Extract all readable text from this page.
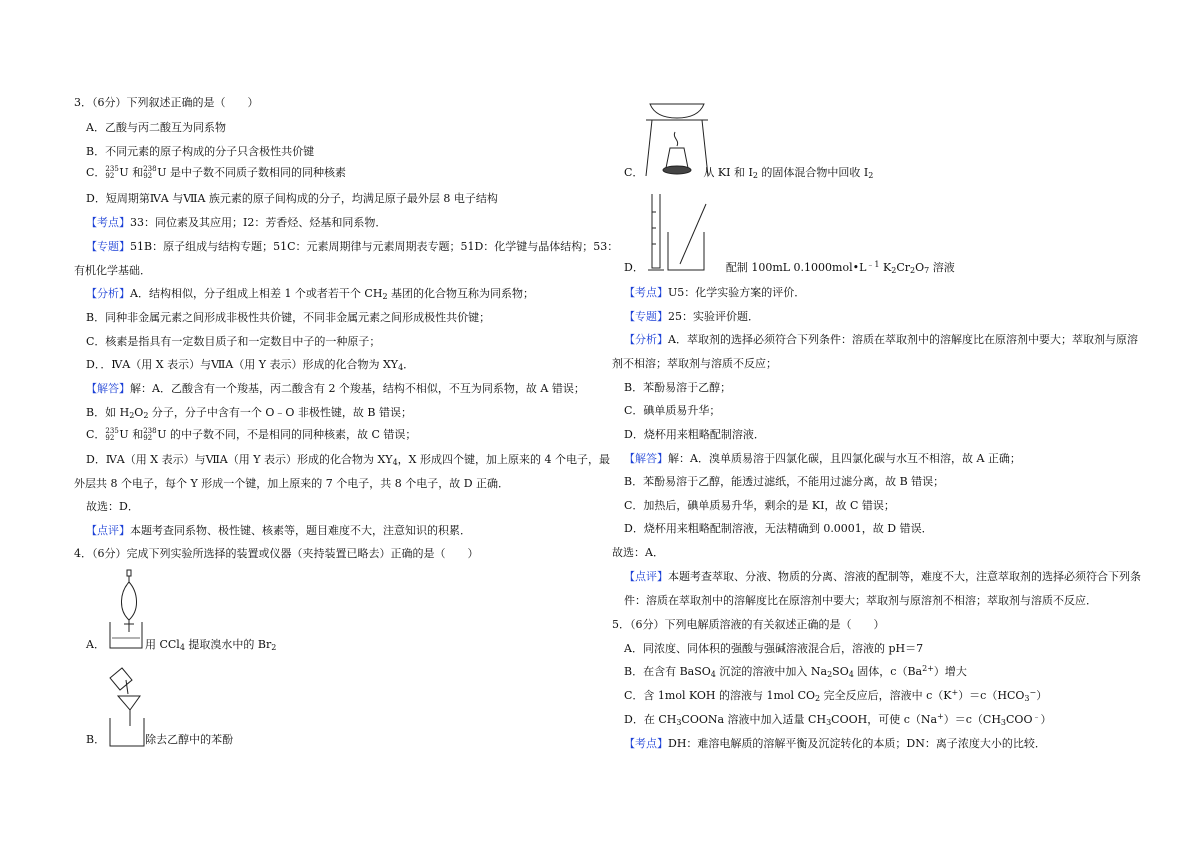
3．（6分）下列叙述正确的是（　　）
A．乙酸与丙二酸互为同系物
B．不同元素的原子构成的分子只含极性共价键
C． 235
92 U 和 238
92 U 是中子数不同质子数相同的同种核素
D．短周期第ⅣA 与ⅦA 族元素的原子间构成的分子，均满足原子最外层 8 电子结构
【考点】33：同位素及其应用；I2：芳香烃、烃基和同系物．
【专题】51B：原子组成与结构专题；51C：元素周期律与元素周期表专题；51D：化学键与晶体结构；53：
有机化学基础．
【分析】A．结构相似，分子组成上相差 1 个或者若干个 $CH_2$ 基团的化合物互称为同系物；
B．同种非金属元素之间形成非极性共价键，不同非金属元素之间形成极性共价键；
C．核素是指具有一定数目质子和一定数目中子的一种原子；
D．．ⅣA（用 X 表示）与ⅦA（用 Y 表示）形成的化合物为 $XY_4$．
【解答】解：A．乙酸含有一个羧基，丙二酸含有 2 个羧基，结构不相似，不互为同系物，故 A 错误；
B．如 $H_2O_2$ 分子，分子中含有一个 O﹣O 非极性键，故 B 错误；
C． 235
92 U 和 238
92 U 的中子数不同，不是相同的同种核素，故 C 错误；
D．ⅣA（用 X 表示）与ⅦA（用 Y 表示）形成的化合物为 $XY_4$，X 形成四个键，加上原来的 4 个电子，最
外层共 8 个电子，每个 Y 形成一个键，加上原来的 7 个电子，共 8 个电子，故 D 正确．
故选：D．
【点评】本题考查同系物、极性键、核素等，题目难度不大，注意知识的积累．
4．（6分）完成下列实验所选择的装置或仪器（夹持装置已略去）正确的是（　　）
A．	用 CCl$_4$ 提取溴水中的 $Br_2$
B．	除去乙醇中的苯酚
C．	从 KI 和 $I_2$ 的固体混合物中回收 $I_2$
D．	配制 100mL $0.1000mol•L^{﹣1}$ $K_2Cr_2O_7$ 溶液
【考点】U5：化学实验方案的评价．
【专题】25：实验评价题．
【分析】A．萃取剂的选择必须符合下列条件：溶质在萃取剂中的溶解度比在原溶剂中要大；萃取剂与原溶
剂不相溶；萃取剂与溶质不反应；
B．苯酚易溶于乙醇；
C．碘单质易升华；
D．烧杯用来粗略配制溶液．
【解答】解：A．溴单质易溶于四氯化碳，且四氯化碳与水互不相溶，故 A 正确；
B．苯酚易溶于乙醇，能透过滤纸，不能用过滤分离，故 B 错误；
C．加热后，碘单质易升华，剩余的是 KI，故 C 错误；
D．烧杯用来粗略配制溶液，无法精确到 0.0001，故 D 错误．
故选：A．
【点评】本题考查萃取、分液、物质的分离、溶液的配制等，难度不大，注意萃取剂的选择必须符合下列条
件：溶质在萃取剂中的溶解度比在原溶剂中要大；萃取剂与原溶剂不相溶；萃取剂与溶质不反应．
5．（6分）下列电解质溶液的有关叙述正确的是（　　）
A．同浓度、同体积的强酸与强碱溶液混合后，溶液的 pH＝7
B．在含有 BaSO$_4$ 沉淀的溶液中加入 $Na_2SO_4$ 固体，$c(Ba^{2+})$增大
C．含 1mol KOH 的溶液与 1mol $CO_2$ 完全反应后，溶液中 $c(K^+)=c(HCO_3^-)$
D．在 $CH_3COONa$ 溶液中加入适量 $CH_3COOH$，可使 $c(Na^+)=c(CH_3COO^﹣)$
【考点】DH：难溶电解质的溶解平衡及沉淀转化的本质；DN：离子浓度大小的比较．
